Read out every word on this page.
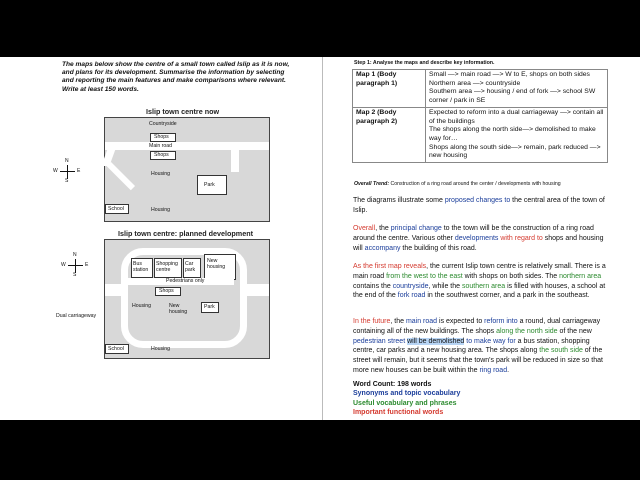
The maps below show the centre of a small town called Islip as it is now, and plans for its development. Summarise the information by selecting and reporting the main features and make comparisons where relevant. Write at least 150 words.

Islip town centre now
Countryside
Shops
Main road
Shops
Housing
Park
School	Housing
N
S
W	E
Islip town centre: planned development
Bus station
Shopping centre
Car park
New housing
Pedestrians only
Shops
Housing	New housing
Park
School	Housing
Dual carriageway
N
S
W	E
Step 1: Analyse the maps and describe key information.
Map 1 (Body paragraph 1)	Small —> main road —> W to E, shops on both sides
Northern area —> countryside
Southern area —> housing / end of fork —> school SW corner / park in SE

Map 2 (Body paragraph 2)	Expected to reform into a dual carriageway —> contain all of the buildings
The shops along the north side—> demolished to make way for…
Shops along the south side—> remain, park reduced —> new housing
Overall Trend: Construction of a ring road around the center / developments with housing

The diagrams illustrate some proposed changes to the central area of the town of Islip.

Overall, the principal change to the town will be the construction of a ring road around the centre. Various other developments with regard to shops and housing will accompany the building of this road.

As the first map reveals, the current Islip town centre is relatively small. There is a main road from the west to the east with shops on both sides. The northern area contains the countryside, while the southern area is filled with houses, a school at the end of the fork road in the southwest corner, and a park in the southeast.

In the future, the main road is expected to reform into a round, dual carriageway containing all of the new buildings. The shops along the north side of the new pedestrian street will be demolished to make way for a bus station, shopping centre, car parks and a new housing area. The shops along the south side of the street will remain, but it seems that the town's park will be reduced in size so that more new houses can be built within the ring road.

Word Count: 198 words
Synonyms and topic vocabulary
Useful vocabulary and phrases
Important functional words
